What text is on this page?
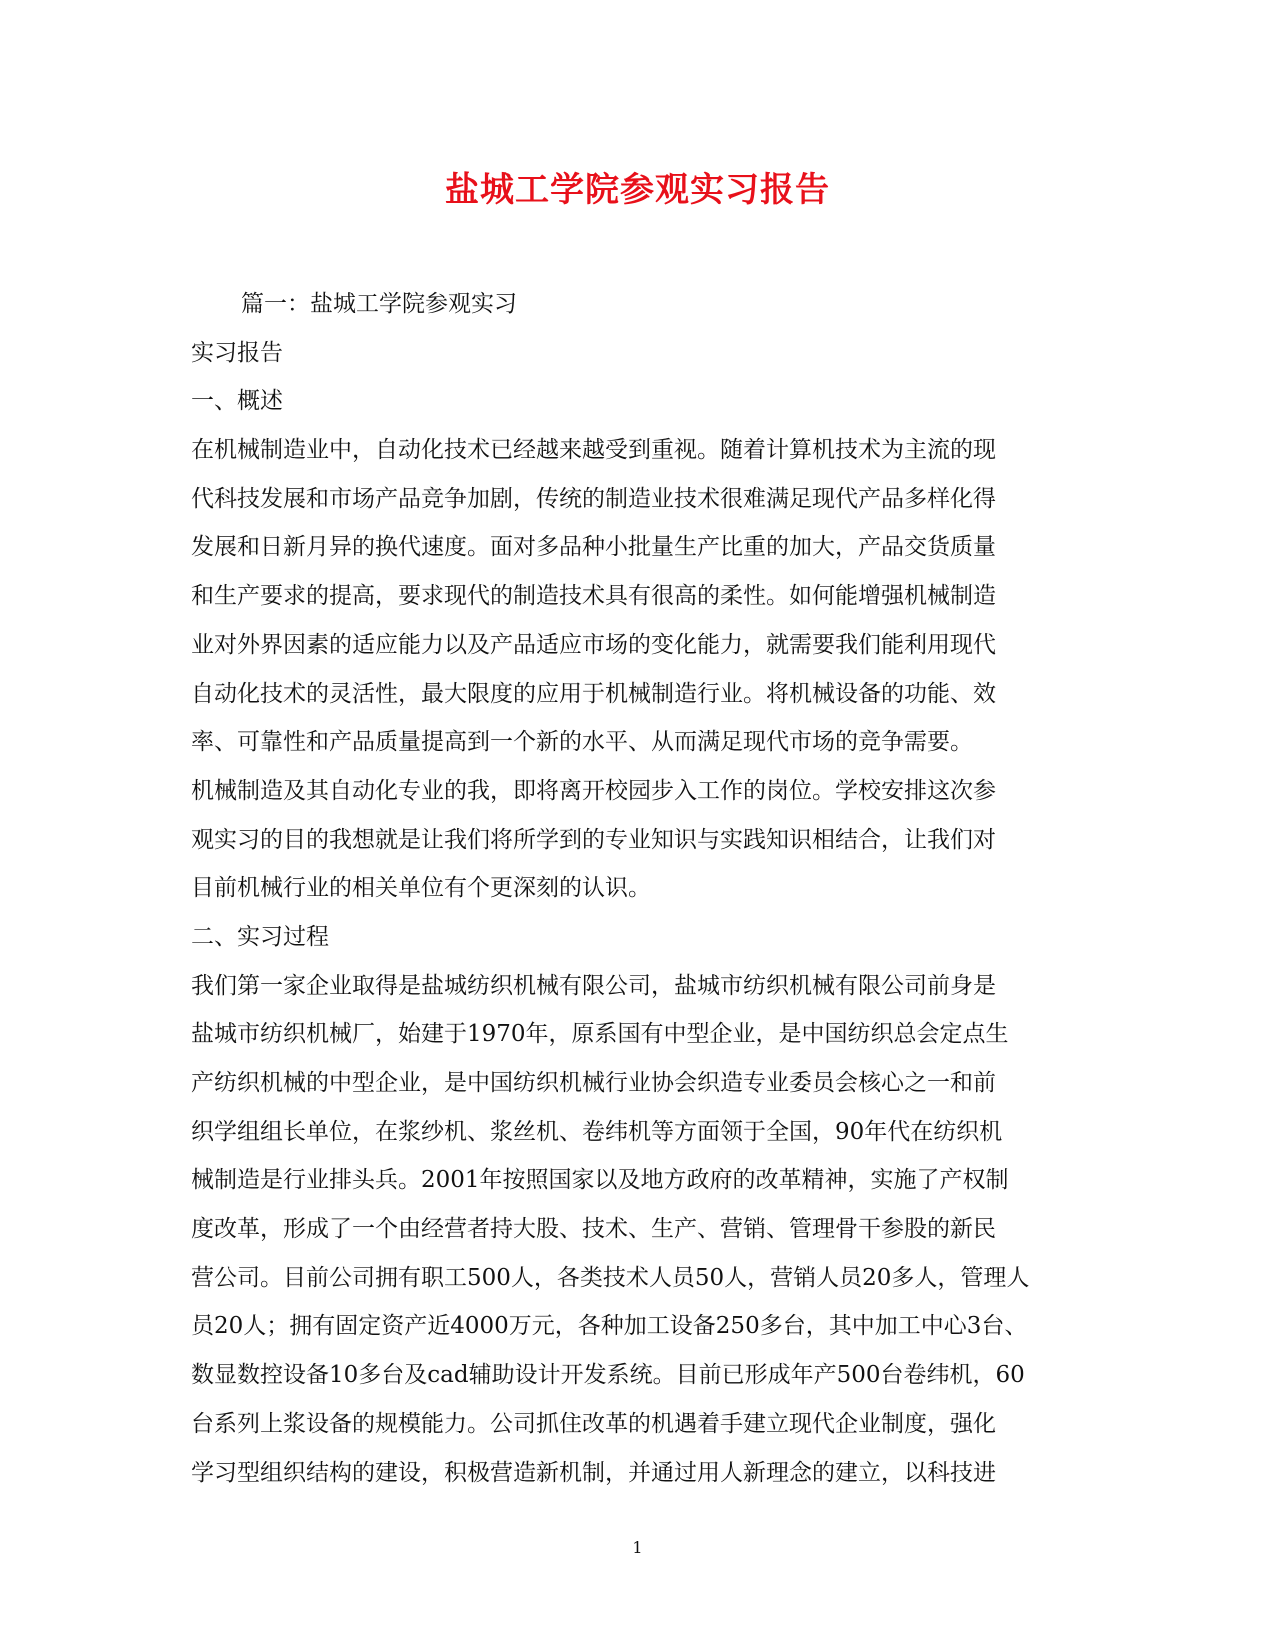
盐城工学院参观实习报告
篇一：盐城工学院参观实习
实习报告
一、概述
在机械制造业中，自动化技术已经越来越受到重视。随着计算机技术为主流的现
代科技发展和市场产品竞争加剧，传统的制造业技术很难满足现代产品多样化得
发展和日新月异的换代速度。面对多品种小批量生产比重的加大，产品交货质量
和生产要求的提高，要求现代的制造技术具有很高的柔性。如何能增强机械制造
业对外界因素的适应能力以及产品适应市场的变化能力，就需要我们能利用现代
自动化技术的灵活性，最大限度的应用于机械制造行业。将机械设备的功能、效
率、可靠性和产品质量提高到一个新的水平、从而满足现代市场的竞争需要。
机械制造及其自动化专业的我，即将离开校园步入工作的岗位。学校安排这次参
观实习的目的我想就是让我们将所学到的专业知识与实践知识相结合，让我们对
目前机械行业的相关单位有个更深刻的认识。
二、实习过程
我们第一家企业取得是盐城纺织机械有限公司，盐城市纺织机械有限公司前身是
盐城市纺织机械厂，始建于1970年，原系国有中型企业，是中国纺织总会定点生
产纺织机械的中型企业，是中国纺织机械行业协会织造专业委员会核心之一和前
织学组组长单位，在浆纱机、浆丝机、卷纬机等方面领于全国，90年代在纺织机
械制造是行业排头兵。2001年按照国家以及地方政府的改革精神，实施了产权制
度改革，形成了一个由经营者持大股、技术、生产、营销、管理骨干参股的新民
营公司。目前公司拥有职工500人，各类技术人员50人，营销人员20多人，管理人
员20人；拥有固定资产近4000万元，各种加工设备250多台，其中加工中心3台、
数显数控设备10多台及cad辅助设计开发系统。目前已形成年产500台卷纬机，60
台系列上浆设备的规模能力。公司抓住改革的机遇着手建立现代企业制度，强化
学习型组织结构的建设，积极营造新机制，并通过用人新理念的建立，以科技进
1
